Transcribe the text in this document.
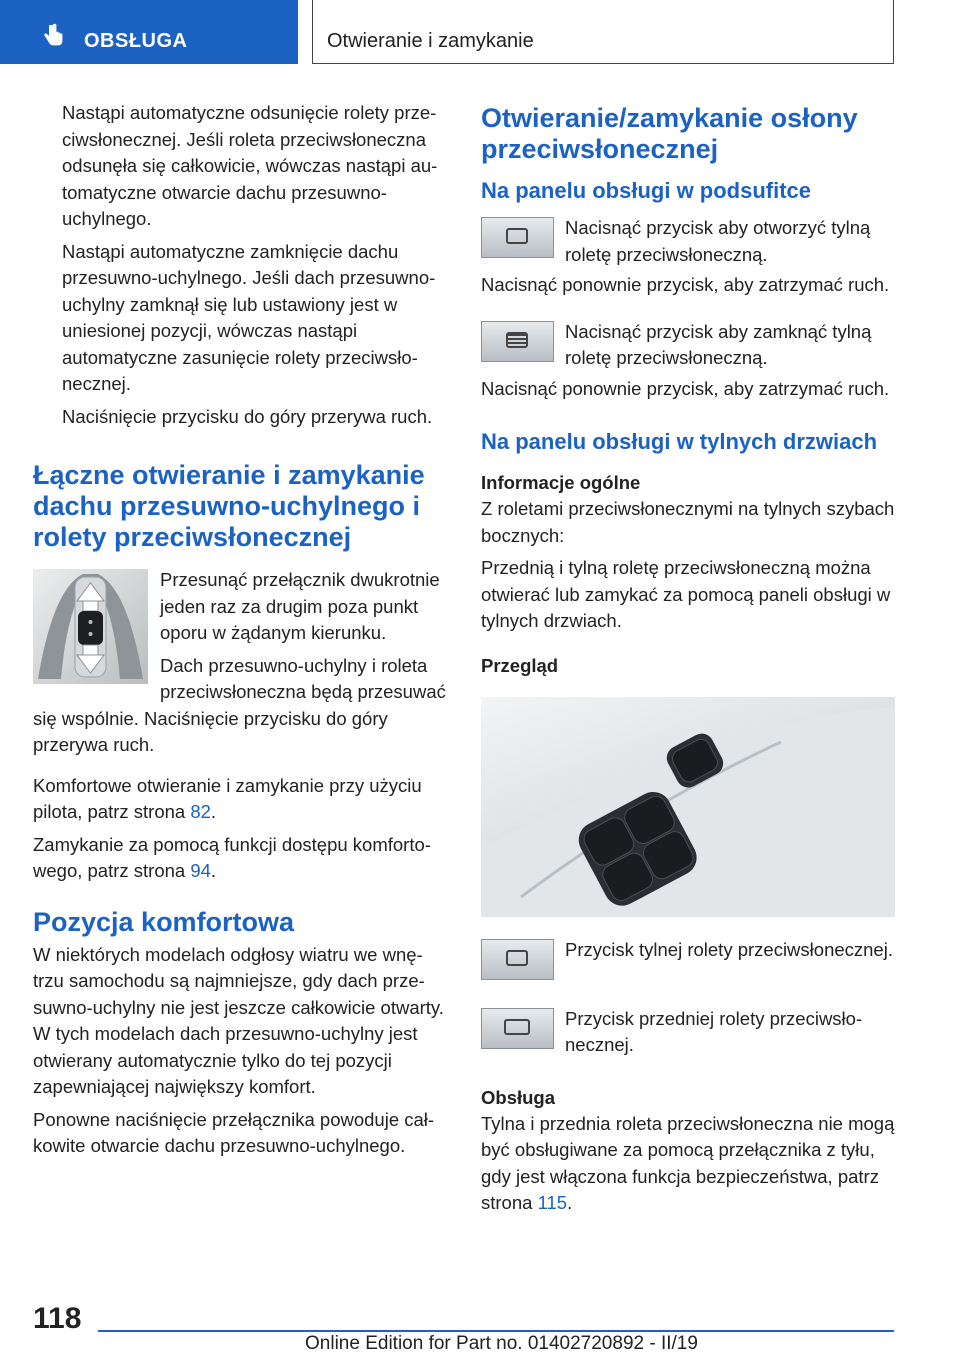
OBSŁUGA	Otwieranie i zamykanie

Nastąpi automatyczne odsunięcie rolety przeciwsłonecznej. Jeśli roleta przeciwsłoneczna odsunęła się całkowicie, wówczas nastąpi automatyczne otwarcie dachu przesuwno-uchylnego.

Nastąpi automatyczne zamknięcie dachu przesuwno-uchylnego. Jeśli dach przesuwno-uchylny zamknął się lub ustawiony jest w uniesionej pozycji, wówczas nastąpi automatyczne zasunięcie rolety przeciwsłonecznej.

Naciśnięcie przycisku do góry przerywa ruch.

Łączne otwieranie i zamykanie dachu przesuwno-uchylnego i rolety przeciwsłonecznej

Przesunąć przełącznik dwukrotnie jeden raz za drugim poza punkt oporu w żądanym kierunku.

Dach przesuwno-uchylny i roleta przeciwsłoneczna będą przesuwać się wspólnie. Naciśnięcie przycisku do góry przerywa ruch.

Komfortowe otwieranie i zamykanie przy użyciu pilota, patrz strona 82.

Zamykanie za pomocą funkcji dostępu komfortowego, patrz strona 94.

Pozycja komfortowa

W niektórych modelach odgłosy wiatru we wnętrzu samochodu są najmniejsze, gdy dach przesuwno-uchylny nie jest jeszcze całkowicie otwarty. W tych modelach dach przesuwno-uchylny jest otwierany automatycznie tylko do tej pozycji zapewniającej największy komfort.

Ponowne naciśnięcie przełącznika powoduje całkowite otwarcie dachu przesuwno-uchylnego.

Otwieranie/zamykanie osłony przeciwsłonecznej
Na panelu obsługi w podsufitce

Nacisnąć przycisk aby otworzyć tylną roletę przeciwsłoneczną.

Nacisnąć ponownie przycisk, aby zatrzymać ruch.

Nacisnąć przycisk aby zamknąć tylną roletę przeciwsłoneczną.

Nacisnąć ponownie przycisk, aby zatrzymać ruch.

Na panelu obsługi w tylnych drzwiach
Informacje ogólne

Z roletami przeciwsłonecznymi na tylnych szybach bocznych:

Przednią i tylną roletę przeciwsłoneczną można otwierać lub zamykać za pomocą paneli obsługi w tylnych drzwiach.

Przegląd

Przycisk tylnej rolety przeciwsłonecznej.

Przycisk przedniej rolety przeciwsłonecznej.

Obsługa

Tylna i przednia roleta przeciwsłoneczna nie mogą być obsługiwane za pomocą przełącznika z tyłu, gdy jest włączona funkcja bezpieczeństwa, patrz strona 115.

118
Online Edition for Part no. 01402720892 - II/19
